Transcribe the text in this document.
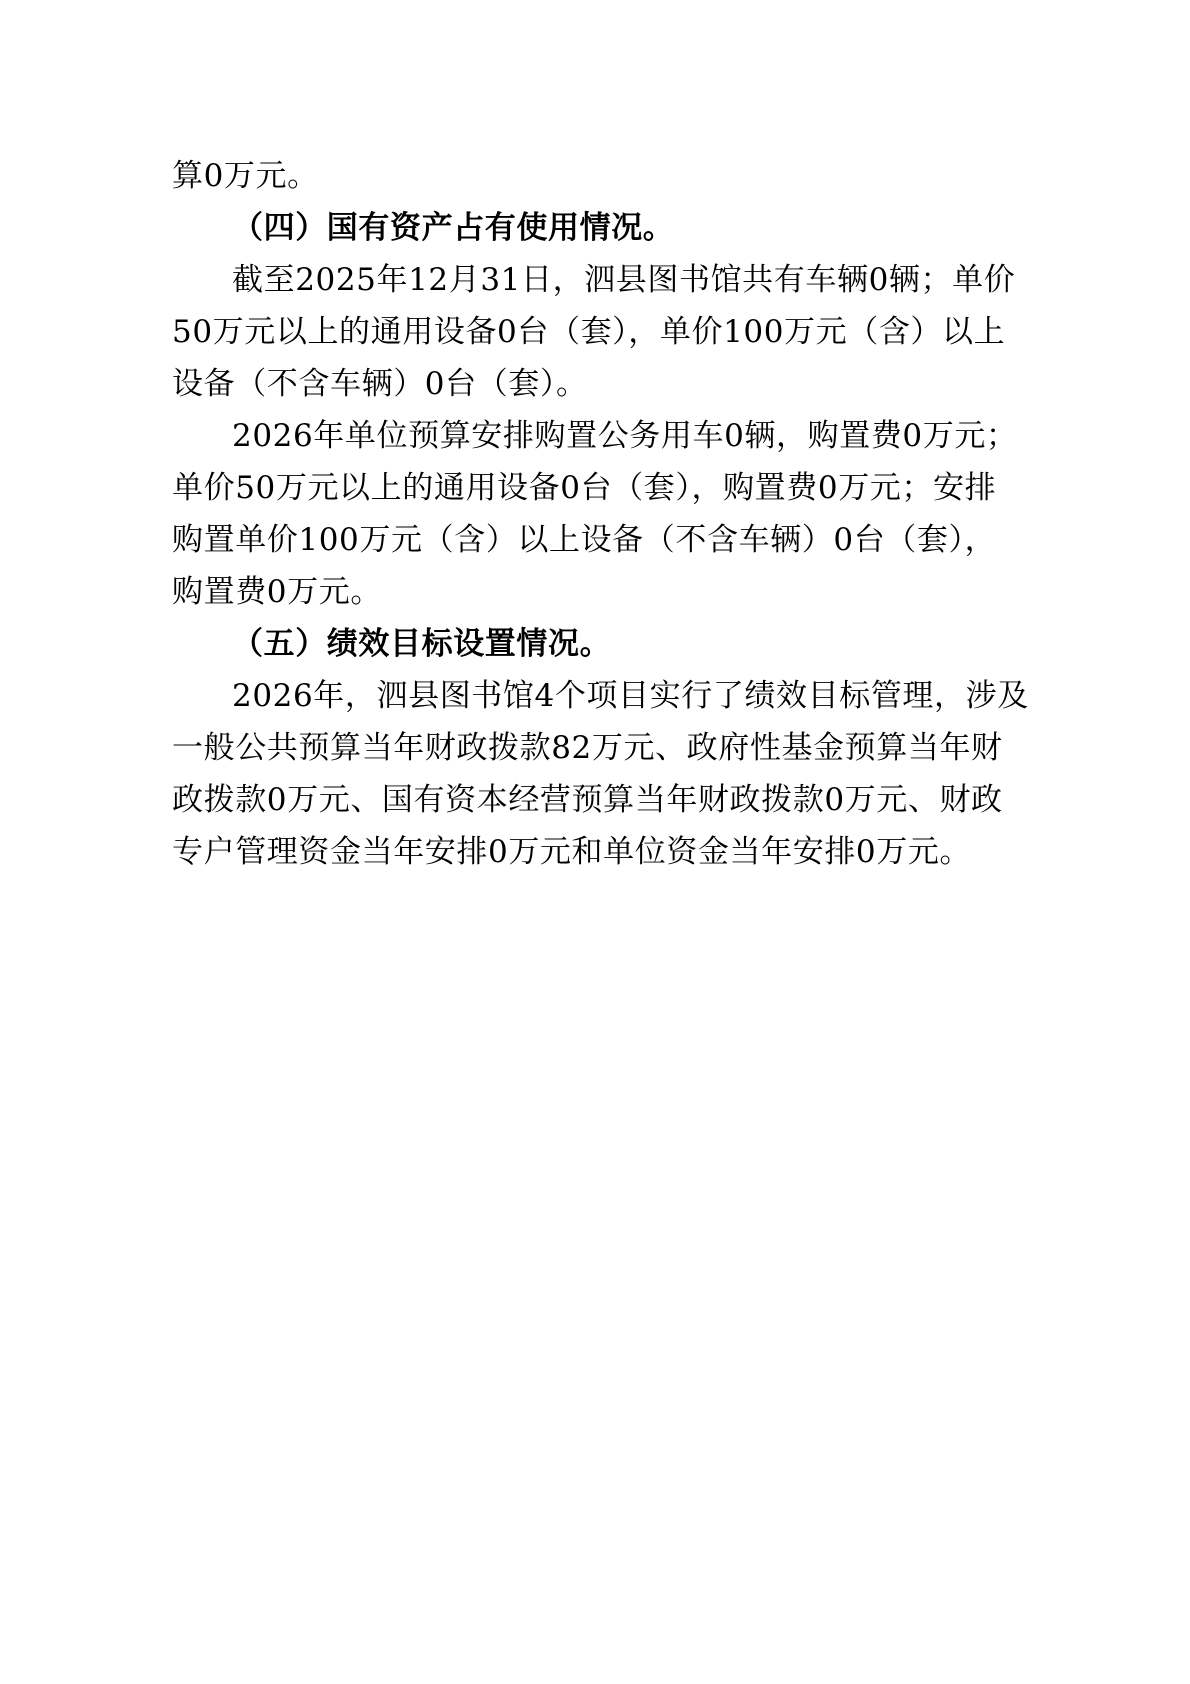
算0万元。
（四）国有资产占有使用情况。
截至2025年12月31日，泗县图书馆共有车辆0辆；单价
50万元以上的通用设备0台（套），单价100万元（含）以上
设备（不含车辆）0台（套）。
2026年单位预算安排购置公务用车0辆，购置费0万元；
单价50万元以上的通用设备0台（套），购置费0万元；安排
购置单价100万元（含）以上设备（不含车辆）0台（套），
购置费0万元。
（五）绩效目标设置情况。
2026年，泗县图书馆4个项目实行了绩效目标管理，涉及
一般公共预算当年财政拨款82万元、政府性基金预算当年财
政拨款0万元、国有资本经营预算当年财政拨款0万元、财政
专户管理资金当年安排0万元和单位资金当年安排0万元。
